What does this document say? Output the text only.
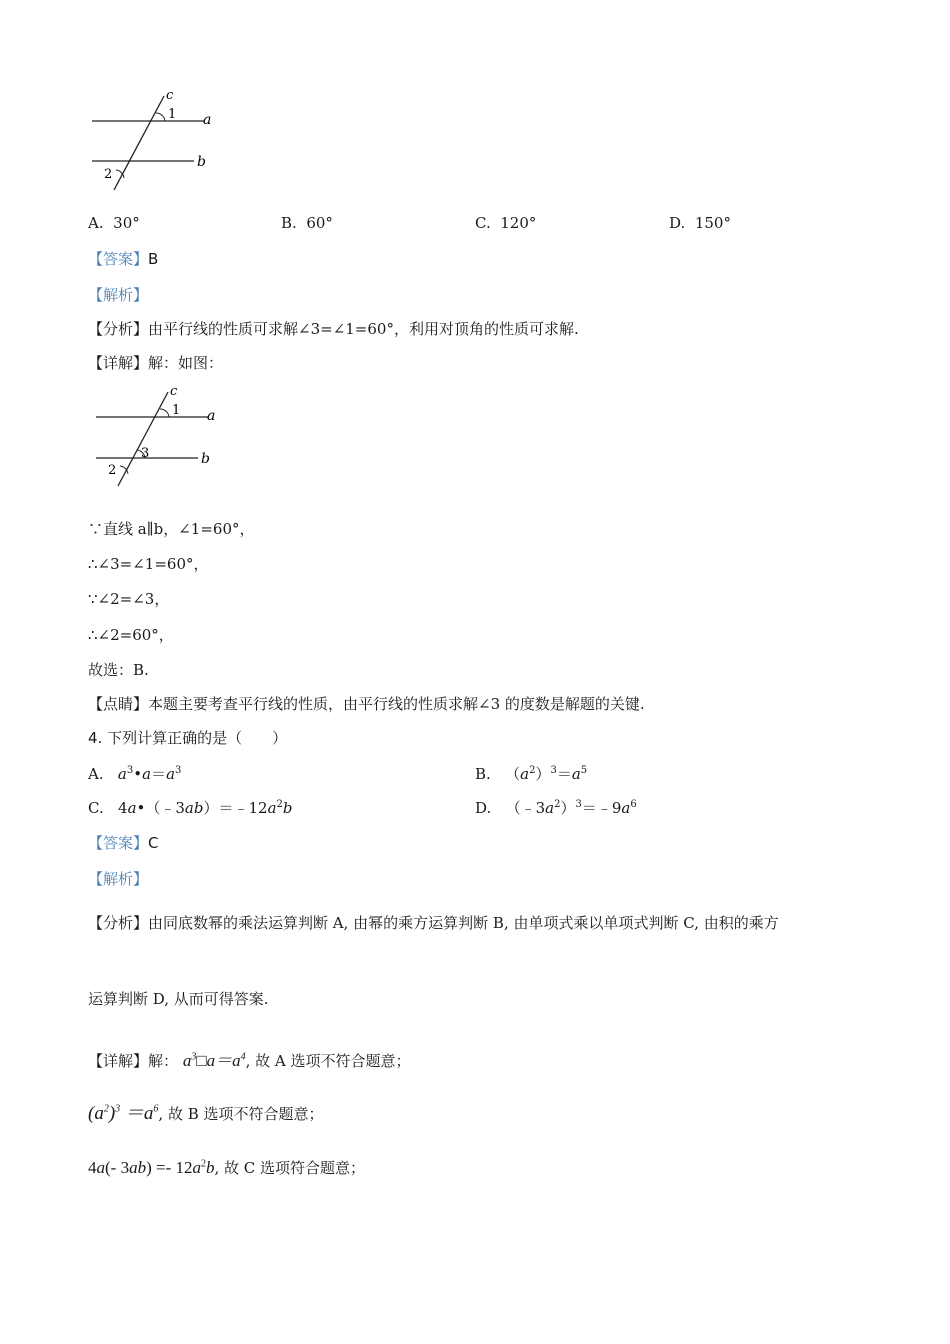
c
1 a
b
2
A. 30°	B. 60°	C. 120°	D. 150°
【答案】B
【解析】
【分析】由平行线的性质可求解∠3=∠1=60°，利用对顶角的性质可求解.
【详解】解：如图：
c
1 a
b
2
3
∵直线 a∥b，∠1=60°，
∴∠3=∠1=60°，
∵∠2=∠3，
∴∠2=60°，
故选：B.
【点睛】本题主要考查平行线的性质，由平行线的性质求解∠3 的度数是解题的关键.
4. 下列计算正确的是（　　）
A.   $a^3•a=a^3$	B.   $(a^2)^3=a^5$
C.   $4a•(﹣3ab)=﹣12a^2b$	D.   $(﹣3a^2)^3=﹣9a^6$
【答案】C
【解析】
【分析】由同底数幂的乘法运算判断 A, 由幂的乘方运算判断 B, 由单项式乘以单项式判断 C, 由积的乘方
运算判断 D, 从而可得答案.
【详解】解： $a^3□a=a^4$, 故 A 选项不符合题意；
$(a^2)^3 =a^6$, 故 B 选项不符合题意；
4a(- $3ab) =- 12a^2b$, 故 C 选项符合题意；
